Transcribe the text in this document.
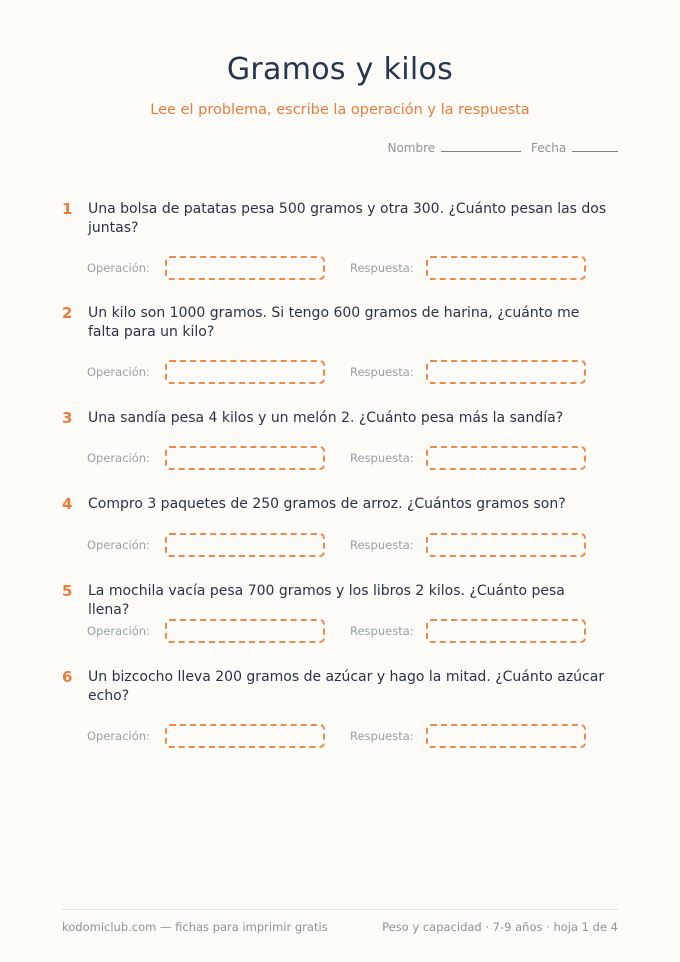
Gramos y kilos
Lee el problema, escribe la operación y la respuesta
Nombre	Fecha
1 Una bolsa de patatas pesa 500 gramos y otra 300. ¿Cuánto pesan las dos juntas?
Operación:	Respuesta:
2 Un kilo son 1000 gramos. Si tengo 600 gramos de harina, ¿cuánto me falta para un kilo?
Operación:	Respuesta:
3 Una sandía pesa 4 kilos y un melón 2. ¿Cuánto pesa más la sandía?
Operación:	Respuesta:
4 Compro 3 paquetes de 250 gramos de arroz. ¿Cuántos gramos son?
Operación:	Respuesta:
5 La mochila vacía pesa 700 gramos y los libros 2 kilos. ¿Cuánto pesa llena?
Operación:	Respuesta:
6 Un bizcocho lleva 200 gramos de azúcar y hago la mitad. ¿Cuánto azúcar echo?
Operación:	Respuesta:
kodomiclub.com — fichas para imprimir gratis	Peso y capacidad · 7-9 años · hoja 1 de 4
